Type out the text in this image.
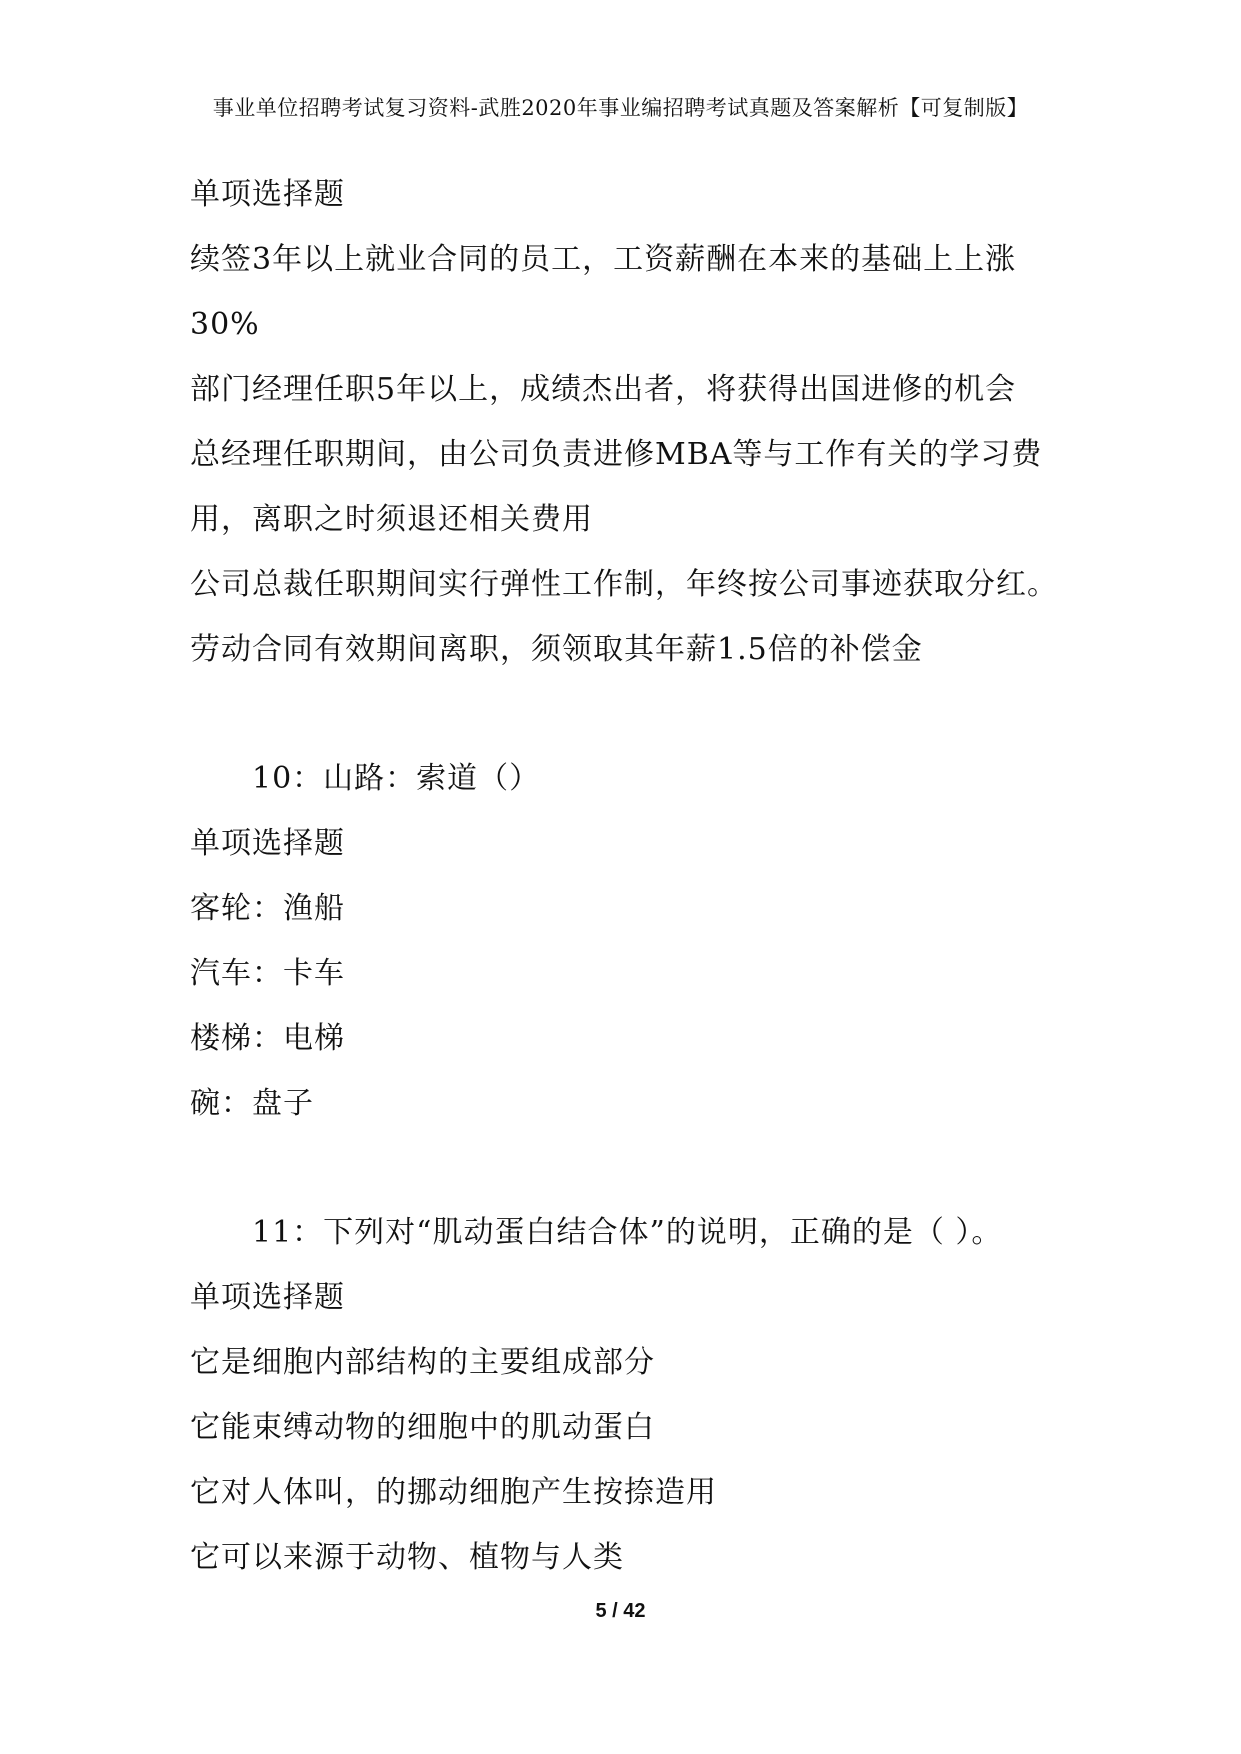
事业单位招聘考试复习资料-武胜2020年事业编招聘考试真题及答案解析【可复制版】
单项选择题
续签3年以上就业合同的员工，工资薪酬在本来的基础上上涨
30%
部门经理任职5年以上，成绩杰出者，将获得出国进修的机会
总经理任职期间，由公司负责进修MBA等与工作有关的学习费
用，离职之时须退还相关费用
公司总裁任职期间实行弹性工作制，年终按公司事迹获取分红。
劳动合同有效期间离职，须领取其年薪1.5倍的补偿金
10：山路：索道（）
单项选择题
客轮：渔船
汽车：卡车
楼梯：电梯
碗：盘子
11：下列对“肌动蛋白结合体”的说明，正确的是（ ）。
单项选择题
它是细胞内部结构的主要组成部分
它能束缚动物的细胞中的肌动蛋白
它对人体叫，的挪动细胞产生按捺造用
它可以来源于动物、植物与人类
5 / 42
